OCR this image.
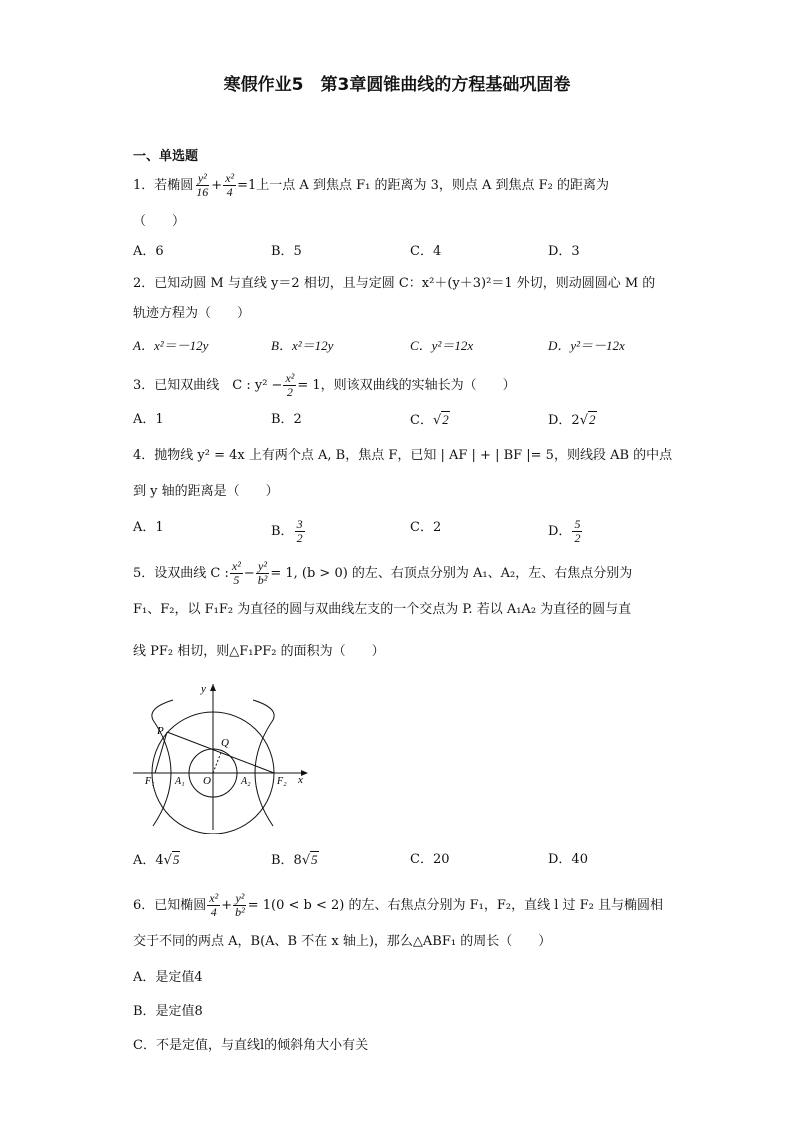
寒假作业5　第3章圆锥曲线的方程基础巩固卷
一、单选题
1．若椭圆 $\frac{\text{y²}}{16} + \frac{\text{x²}}{4} =1$上一点 A 到焦点 F₁ 的距离为 3，则点 A 到焦点 F₂ 的距离为
（　　）
A．6	B．5	C．4	D．3
2．已知动圆 M 与直线 y＝2 相切，且与定圆 C：x²＋(y＋3)²＝1 外切，则动圆圆心 M 的
轨迹方程为（　　）
A．x²＝－12y	B．x²＝12y	C．y²＝12x	D．y²＝－12x
3．已知双曲线　C : $y^2 - \frac{\text{x²}}{2} = 1$，则该双曲线的实轴长为（　　）
A．1	B．2	C．√2	D．2√2
4．抛物线 y² = 4x 上有两个点 A, B，焦点 F，已知 | AF | + | BF |= 5，则线段 AB 的中点
到 y 轴的距离是（　　）
A．1	B． $\frac{3}{2}$	C．2	D． $\frac{5}{2}$
5．设双曲线 C : $\frac{\text{x²}}{5} - \frac{\text{y²}}{\text{b²}} = 1$, (b > 0) 的左、右顶点分别为 A₁、A₂，左、右焦点分别为
F₁、F₂，以 F₁F₂ 为直径的圆与双曲线左支的一个交点为 P. 若以 A₁A₂ 为直径的圆与直
线 PF₂ 相切，则△F₁PF₂ 的面积为（　　）
y
x
P
Q
O
F₁ A₁	A₂	F₂
A．4√5	B．8√5	C．20	D．40
6．已知椭圆 $\frac{\text{x²}}{4} + \frac{\text{y²}}{\text{b²}} = 1(0 < b < 2)$ 的左、右焦点分别为 F₁，F₂，直线 l 过 F₂ 且与椭圆相
交于不同的两点 A，B(A、B 不在 x 轴上)，那么△ABF₁ 的周长（　　）
A．是定值4
B．是定值8
C．不是定值，与直线l的倾斜角大小有关
